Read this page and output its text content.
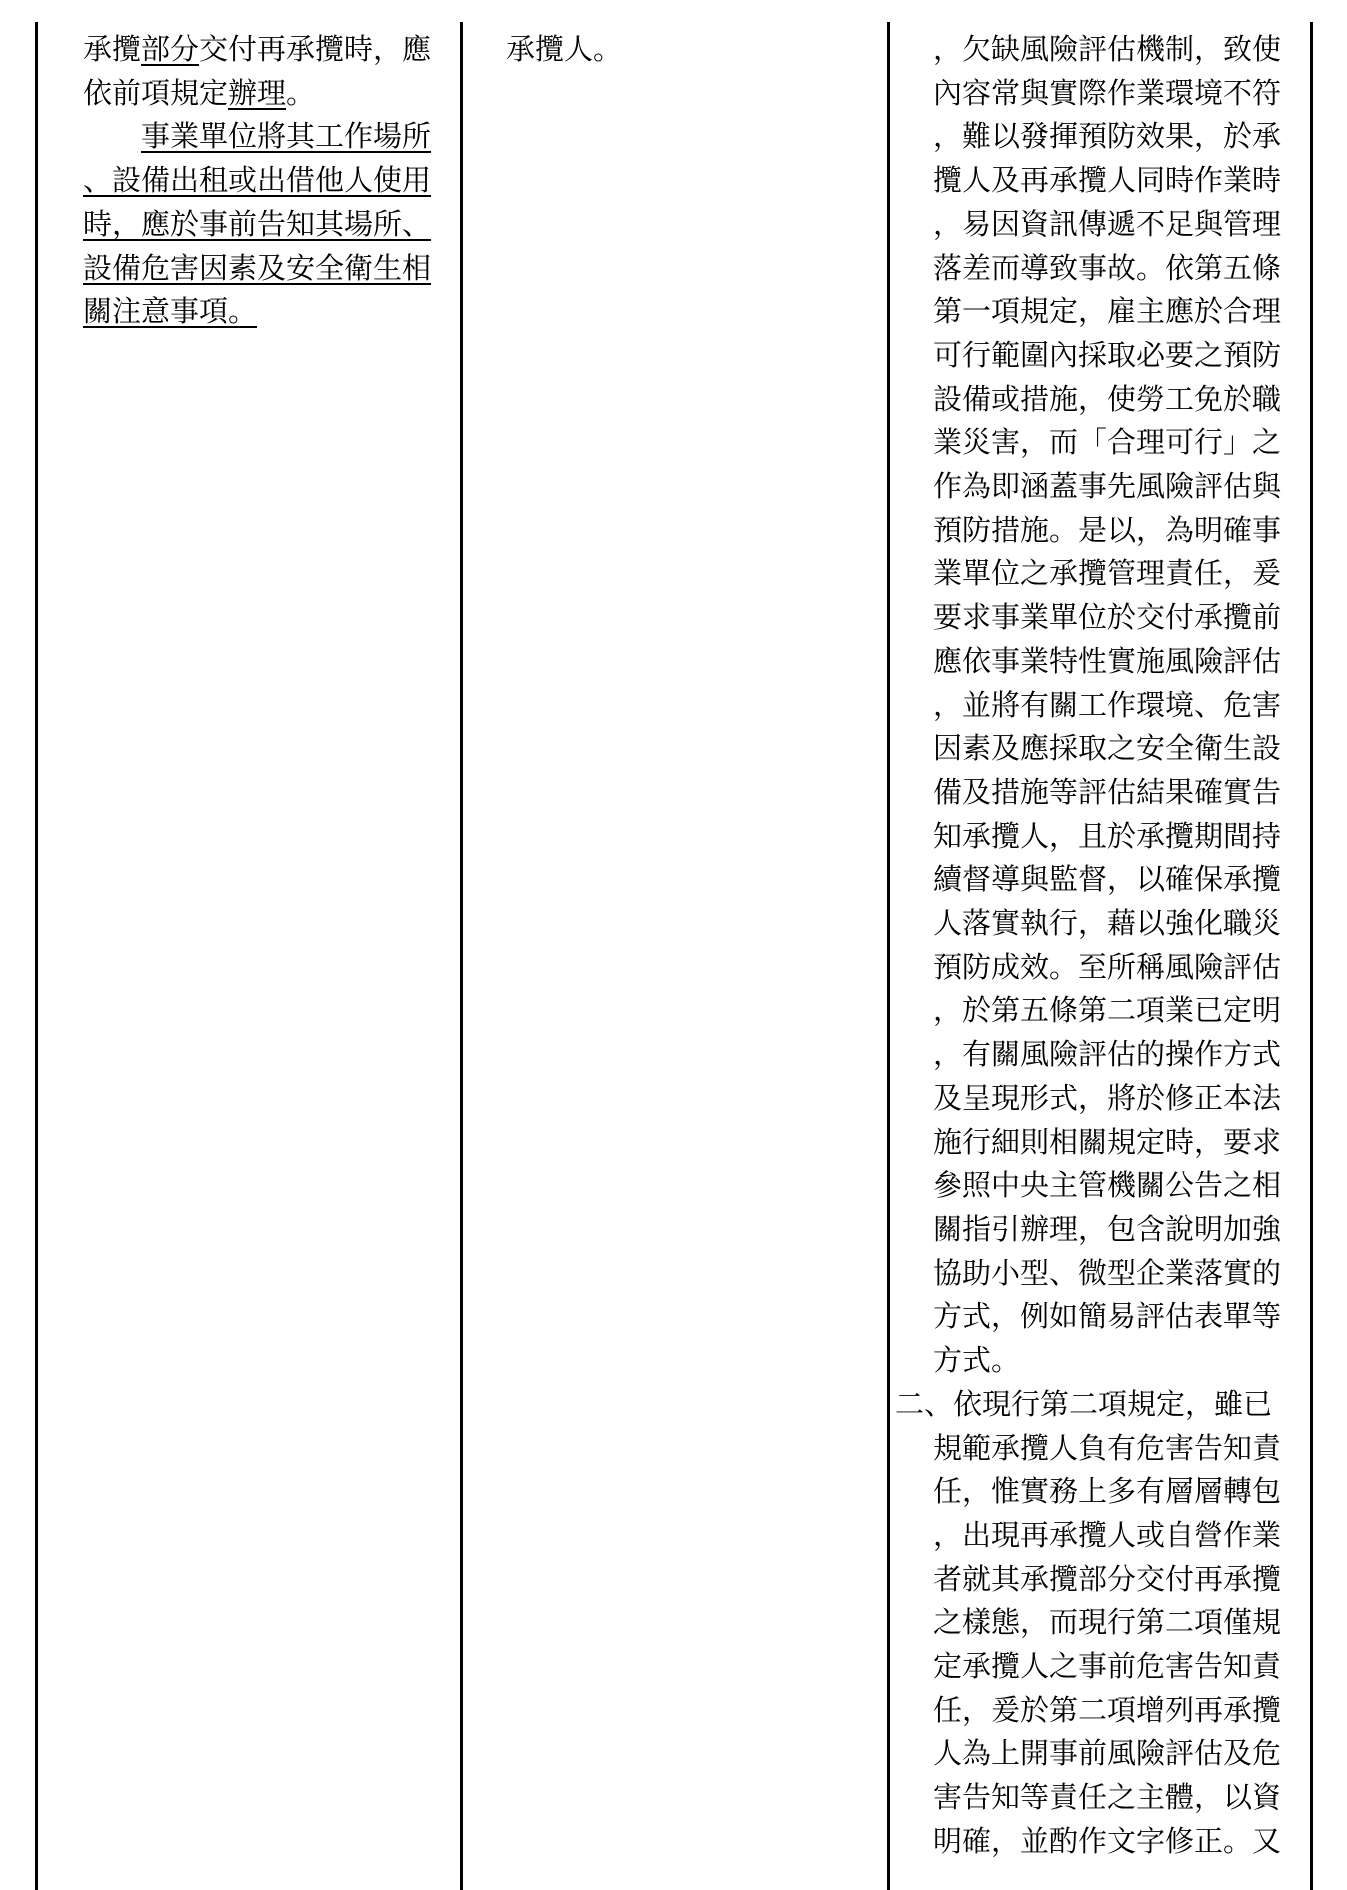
承攬部分交付再承攬時，應
依前項規定辦理。
事業單位將其工作場所
、設備出租或出借他人使用
時，應於事前告知其場所、
設備危害因素及安全衛生相
關注意事項。
承攬人。	，欠缺風險評估機制，致使
內容常與實際作業環境不符
，難以發揮預防效果，於承
攬人及再承攬人同時作業時
，易因資訊傳遞不足與管理
落差而導致事故。依第五條
第一項規定，雇主應於合理
可行範圍內採取必要之預防
設備或措施，使勞工免於職
業災害，而「合理可行」之
作為即涵蓋事先風險評估與
預防措施。是以，為明確事
業單位之承攬管理責任，爰
要求事業單位於交付承攬前
應依事業特性實施風險評估
，並將有關工作環境、危害
因素及應採取之安全衛生設
備及措施等評估結果確實告
知承攬人，且於承攬期間持
續督導與監督，以確保承攬
人落實執行，藉以強化職災
預防成效。至所稱風險評估
，於第五條第二項業已定明
，有關風險評估的操作方式
及呈現形式，將於修正本法
施行細則相關規定時，要求
參照中央主管機關公告之相
關指引辦理，包含說明加強
協助小型、微型企業落實的
方式，例如簡易評估表單等
方式。
二、依現行第二項規定，雖已
規範承攬人負有危害告知責
任，惟實務上多有層層轉包
，出現再承攬人或自營作業
者就其承攬部分交付再承攬
之樣態，而現行第二項僅規
定承攬人之事前危害告知責
任，爰於第二項增列再承攬
人為上開事前風險評估及危
害告知等責任之主體，以資
明確，並酌作文字修正。又
